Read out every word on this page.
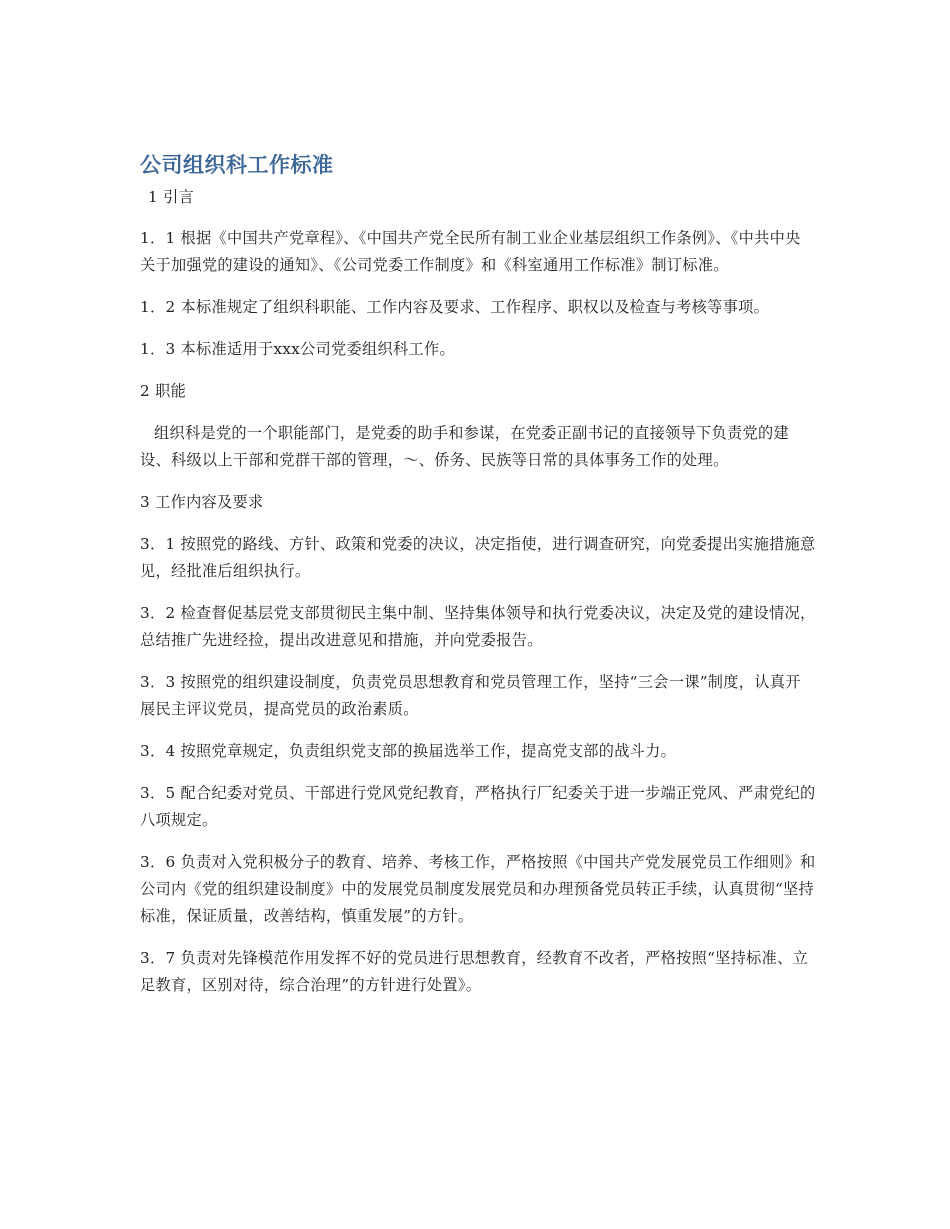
公司组织科工作标准

1 引言

1．1 根据《中国共产党章程》、《中国共产党全民所有制工业企业基层组织工作条例》、《中共中央关于加强党的建设的通知》、《公司党委工作制度》和《科室通用工作标准》制订标准。

1．2 本标准规定了组织科职能、工作内容及要求、工作程序、职权以及检查与考核等事项。

1．3 本标准适用于xxx公司党委组织科工作。

2 职能

组织科是党的一个职能部门，是党委的助手和参谋，在党委正副书记的直接领导下负责党的建设、科级以上干部和党群干部的管理，～、侨务、民族等日常的具体事务工作的处理。

3 工作内容及要求

3．1 按照党的路线、方针、政策和党委的决议，决定指使，进行调查研究，向党委提出实施措施意见，经批准后组织执行。

3．2 检查督促基层党支部贯彻民主集中制、坚持集体领导和执行党委决议，决定及党的建设情况，总结推广先进经捡，提出改进意见和措施，并向党委报告。

3．3 按照党的组织建设制度，负责党员思想教育和党员管理工作，坚持“三会一课”制度，认真开展民主评议党员，提高党员的政治素质。

3．4 按照党章规定，负责组织党支部的换届选举工作，提高党支部的战斗力。

3．5 配合纪委对党员、干部进行党风党纪教育，严格执行厂纪委关于进一步端正党风、严肃党纪的八项规定。

3．6 负责对入党积极分子的教育、培养、考核工作，严格按照《中国共产党发展党员工作细则》和公司内《党的组织建设制度》中的发展党员制度发展党员和办理预备党员转正手续，认真贯彻“坚持标准，保证质量，改善结构，慎重发展”的方针。

3．7 负责对先锋模范作用发挥不好的党员进行思想教育，经教育不改者，严格按照“坚持标准、立足教育，区别对待，综合治理”的方针进行处置》。
